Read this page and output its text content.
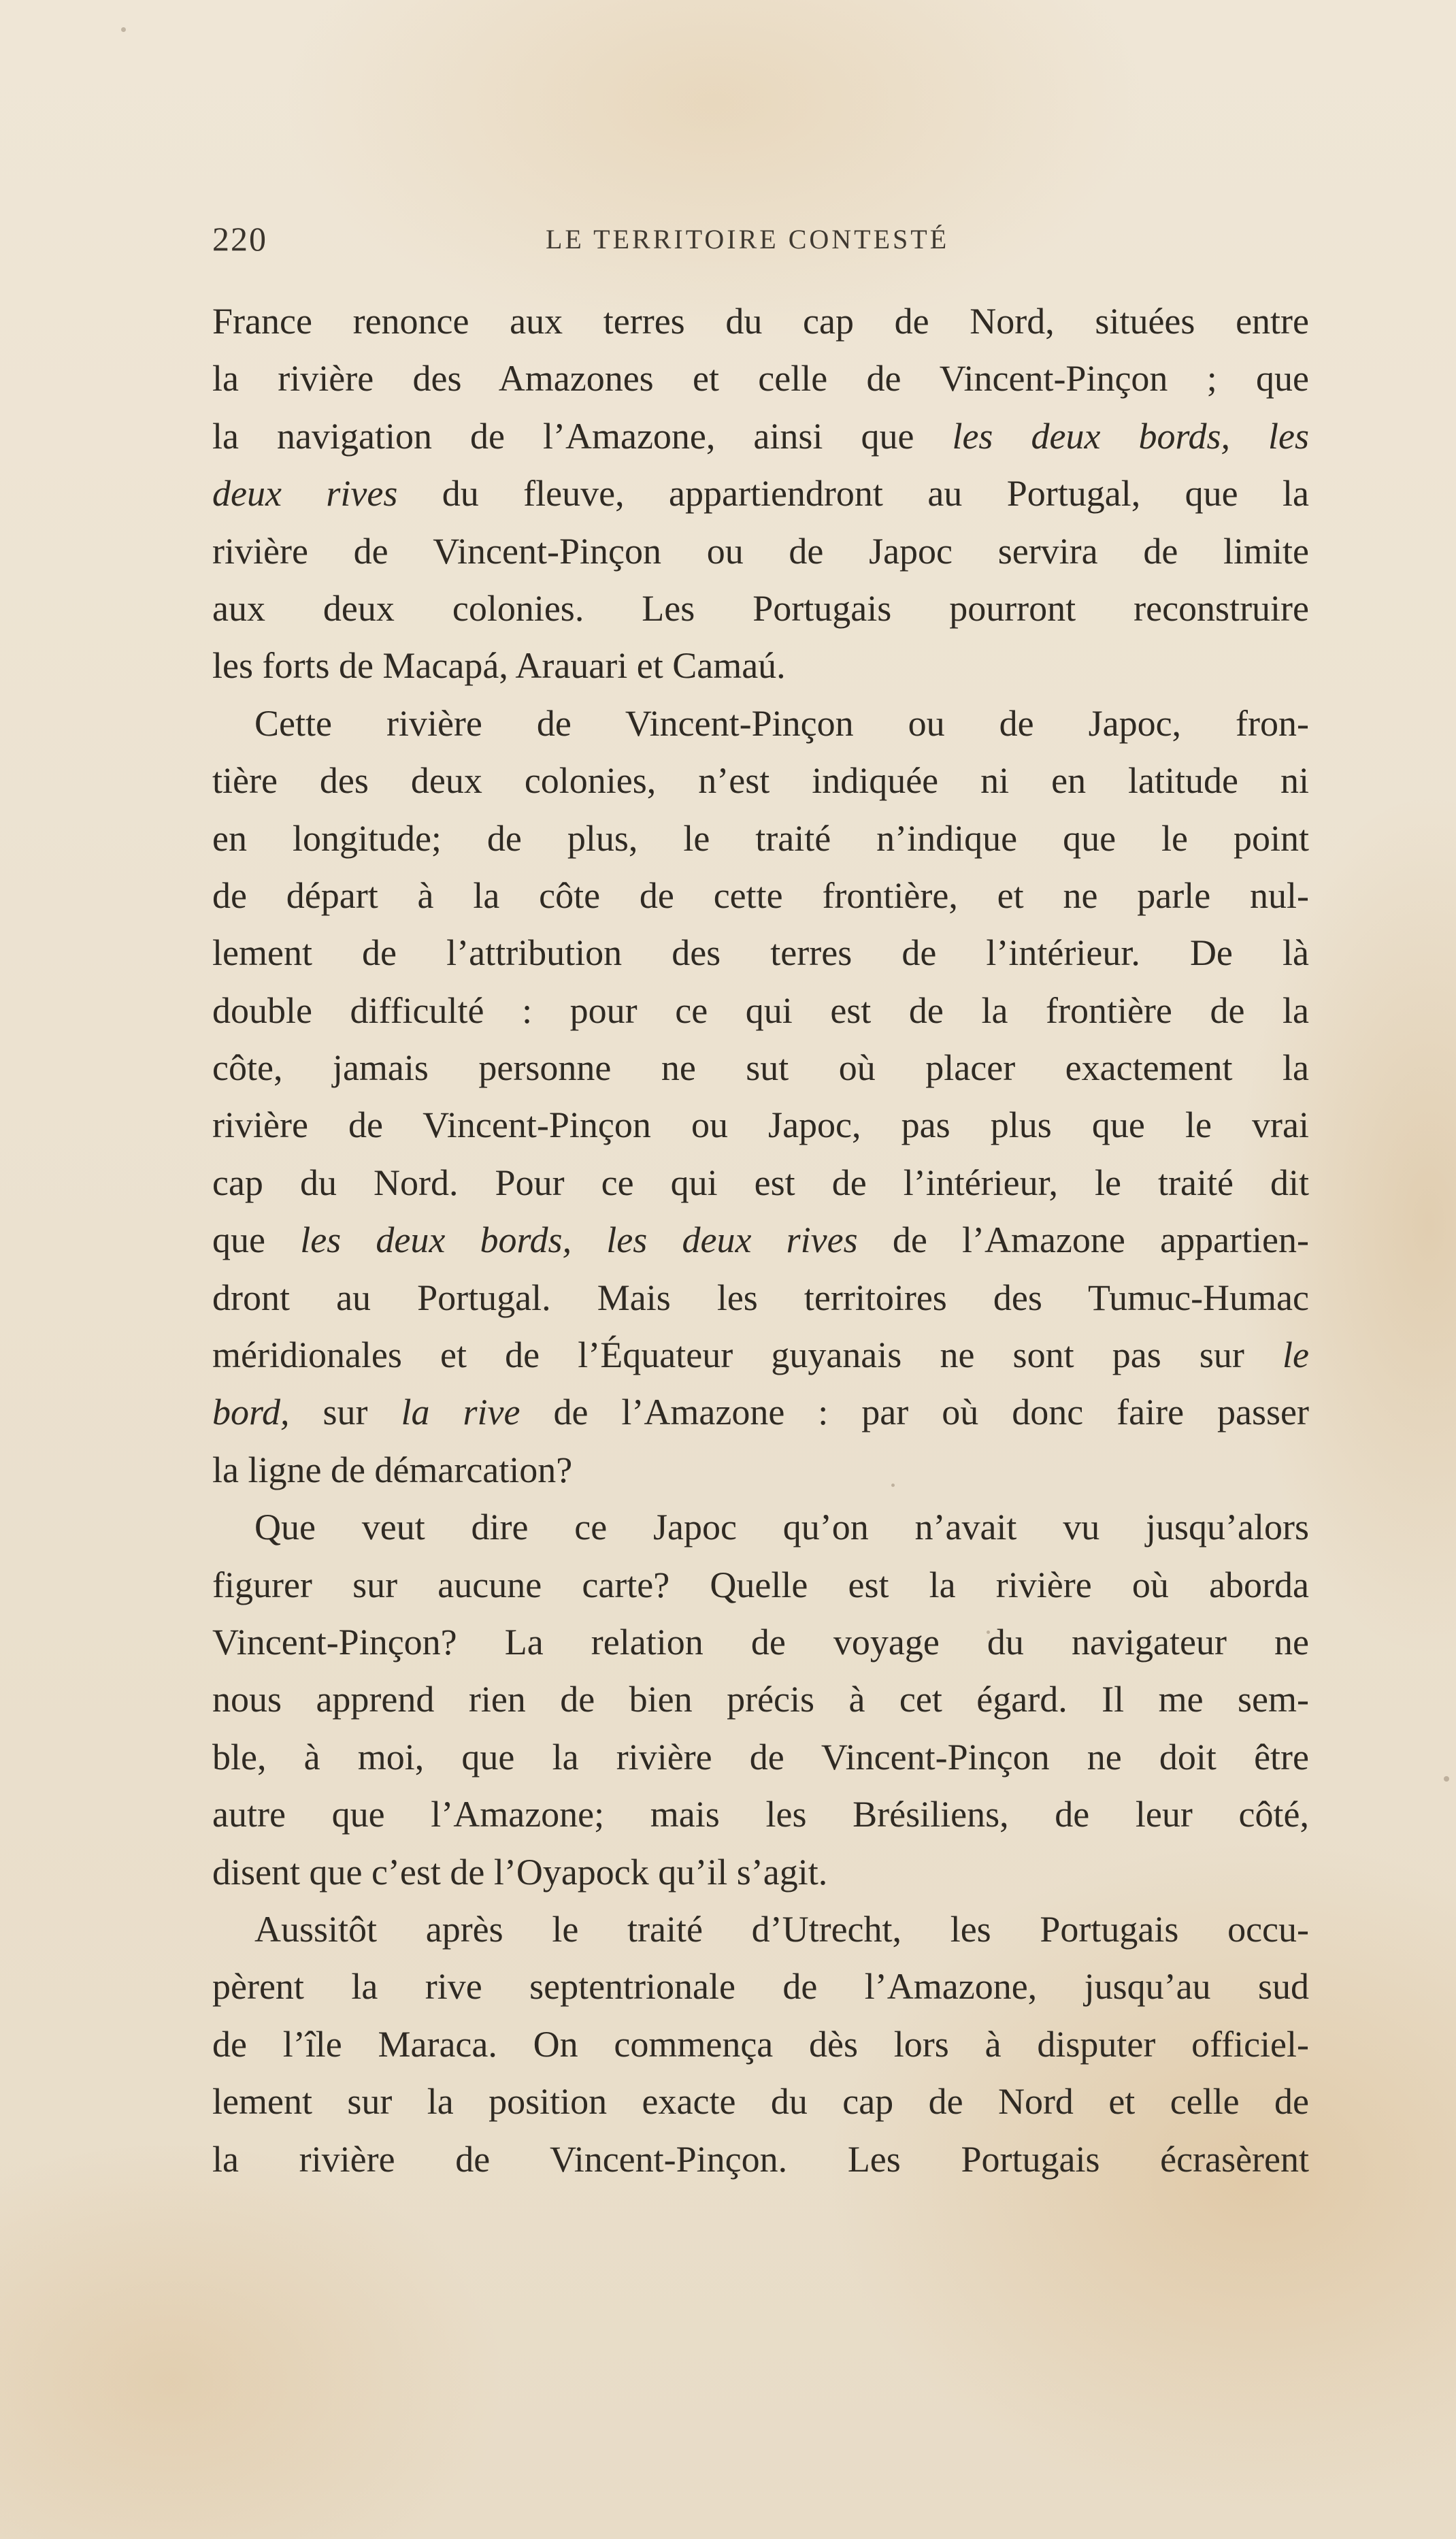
220	LE TERRITOIRE CONTESTÉ
France renonce aux terres du cap de Nord, situées entre
la rivière des Amazones et celle de Vincent-Pinçon ; que
la navigation de l’Amazone, ainsi que les deux bords, les
deux rives du fleuve, appartiendront au Portugal, que la
rivière de Vincent-Pinçon ou de Japoc servira de limite
aux deux colonies. Les Portugais pourront reconstruire
les forts de Macapá, Arauari et Camaú.
Cette rivière de Vincent-Pinçon ou de Japoc, fron-
tière des deux colonies, n’est indiquée ni en latitude ni
en longitude; de plus, le traité n’indique que le point
de départ à la côte de cette frontière, et ne parle nul-
lement de l’attribution des terres de l’intérieur. De là
double difficulté : pour ce qui est de la frontière de la
côte, jamais personne ne sut où placer exactement la
rivière de Vincent-Pinçon ou Japoc, pas plus que le vrai
cap du Nord. Pour ce qui est de l’intérieur, le traité dit
que les deux bords, les deux rives de l’Amazone appartien-
dront au Portugal. Mais les territoires des Tumuc-Humac
méridionales et de l’Équateur guyanais ne sont pas sur le
bord, sur la rive de l’Amazone : par où donc faire passer
la ligne de démarcation?
Que veut dire ce Japoc qu’on n’avait vu jusqu’alors
figurer sur aucune carte? Quelle est la rivière où aborda
Vincent-Pinçon? La relation de voyage du navigateur ne
nous apprend rien de bien précis à cet égard. Il me sem-
ble, à moi, que la rivière de Vincent-Pinçon ne doit être
autre que l’Amazone; mais les Brésiliens, de leur côté,
disent que c’est de l’Oyapock qu’il s’agit.
Aussitôt après le traité d’Utrecht, les Portugais occu-
pèrent la rive septentrionale de l’Amazone, jusqu’au sud
de l’île Maraca. On commença dès lors à disputer officiel-
lement sur la position exacte du cap de Nord et celle de
la rivière de Vincent-Pinçon. Les Portugais écrasèrent
